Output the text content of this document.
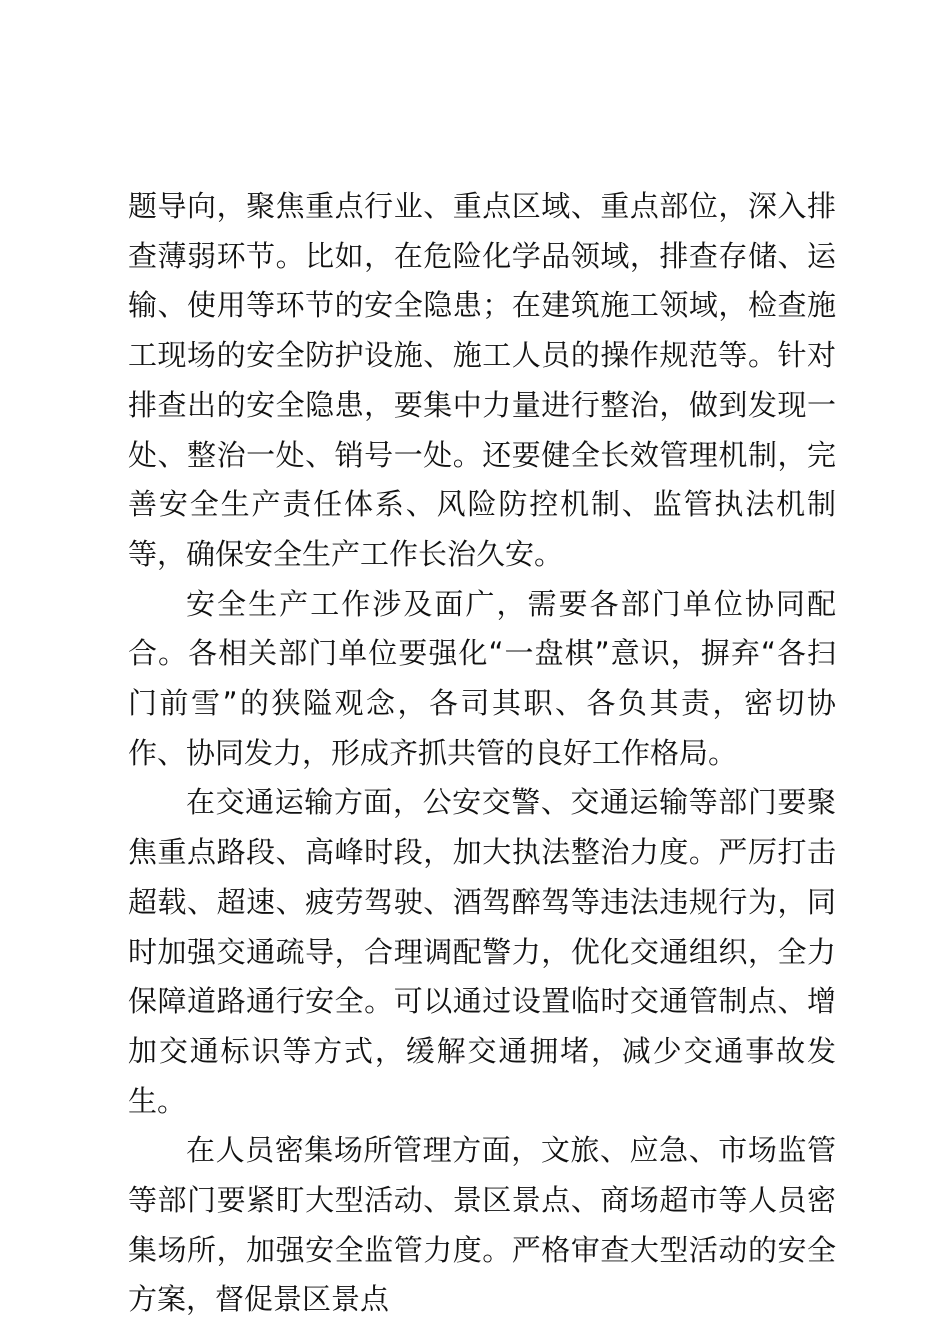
题导向，聚焦重点行业、重点区域、重点部位，深入排查薄弱环节。比如，在危险化学品领域，排查存储、运输、使用等环节的安全隐患；在建筑施工领域，检查施工现场的安全防护设施、施工人员的操作规范等。针对排查出的安全隐患，要集中力量进行整治，做到发现一处、整治一处、销号一处。还要健全长效管理机制，完善安全生产责任体系、风险防控机制、监管执法机制等，确保安全生产工作长治久安。

安全生产工作涉及面广，需要各部门单位协同配合。各相关部门单位要强化“一盘棋”意识，摒弃“各扫门前雪”的狭隘观念，各司其职、各负其责，密切协作、协同发力，形成齐抓共管的良好工作格局。

在交通运输方面，公安交警、交通运输等部门要聚焦重点路段、高峰时段，加大执法整治力度。严厉打击超载、超速、疲劳驾驶、酒驾醉驾等违法违规行为，同时加强交通疏导，合理调配警力，优化交通组织，全力保障道路通行安全。可以通过设置临时交通管制点、增加交通标识等方式，缓解交通拥堵，减少交通事故发生。

在人员密集场所管理方面，文旅、应急、市场监管等部门要紧盯大型活动、景区景点、商场超市等人员密集场所，加强安全监管力度。严格审查大型活动的安全方案，督促景区景点
